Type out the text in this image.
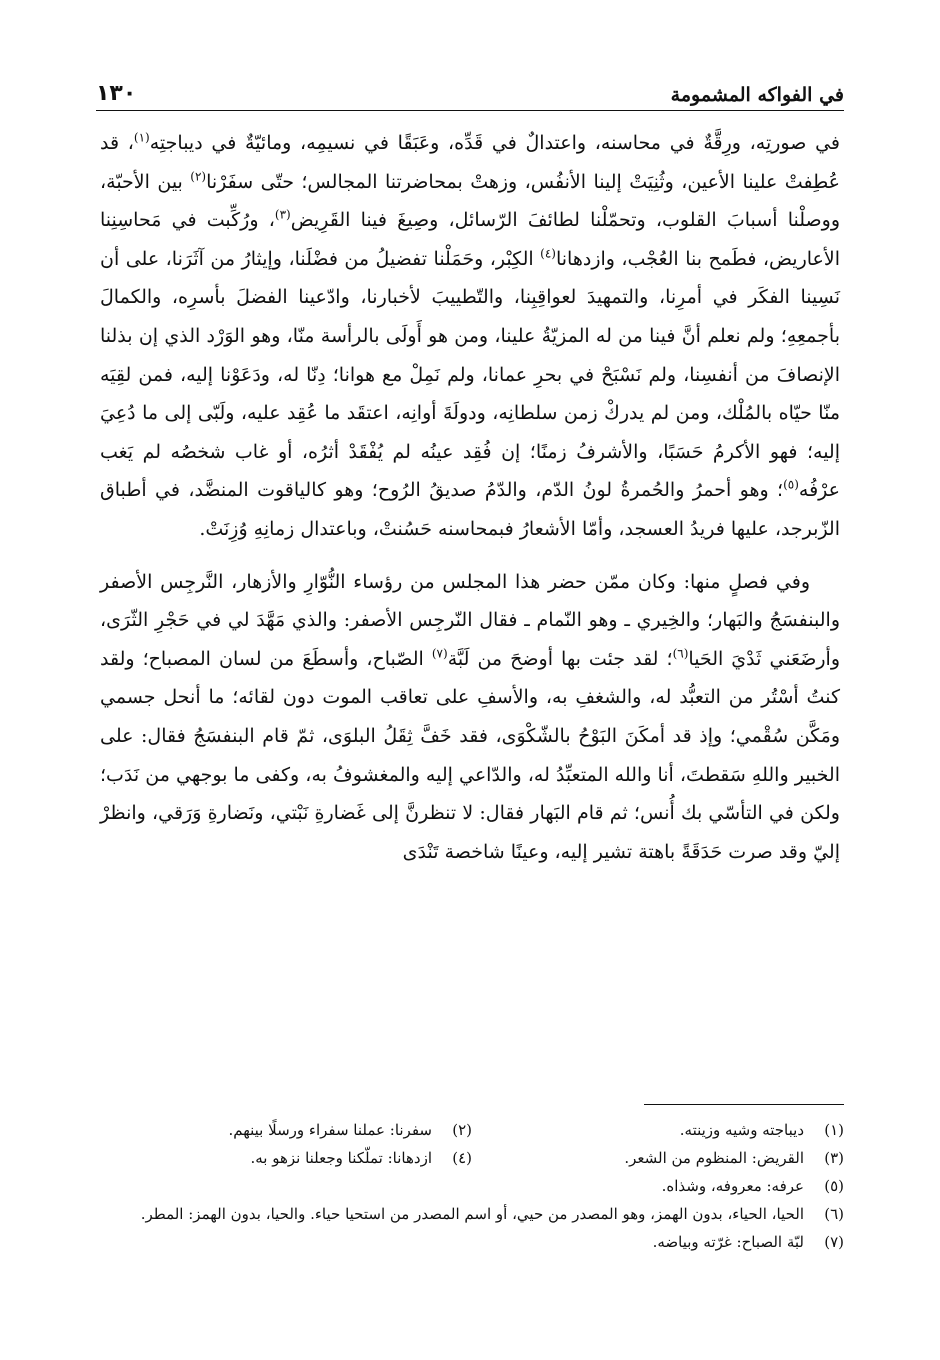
في الفواكه المشمومة
١٣٠

في صورتِه، ورِقَّةٌ في محاسنه، واعتدالٌ في قَدِّه، وعَبَقًا في نسيمِه، ومائيّةٌ في ديباجتِه$^{(١)}$، قد عُطِفتْ علينا الأعين، وثُنِيَتْ إلينا الأنفُس، وزهتْ بمحاضرتنا المجالس؛ حتّى سفَرْنا$^{(٢)}$ بين الأحبّة، ووصلْنا أسبابَ القلوب، وتحمّلْنا لطائفَ الرّسائل، وصِيغَ فينا القَرِيض$^{(٣)}$، ورُكِّبت في مَحاسِنِنا الأعاريض، فطَمح بنا العُجْب، وازدهانا$^{(٤)}$ الكِبْر، وحَمَلْنا تفضيلُ من فضْلَنا، وإيثارُ من آثَرَنا، على أن نَسِينا الفكَر في أمرِنا، والتمهيدَ لعواقِبِنا، والتّطييبَ لأخبارنا، وادّعينا الفضلَ بأسرِه، والكمالَ بأجمعِهِ؛ ولم نعلم أنَّ فينا من له المزيّةُ علينا، ومن هو أَولَى بالرأسة منّا، وهو الوَرْد الذي إن بذلنا الإنصافَ من أنفسِنا، ولم نَسْبَحْ في بحرِ عمانا، ولم نَمِلْ مع هوانا؛ دِنّا له، ودَعَوْنا إليه، فمن لقِيَه منّا حيّاه بالمُلْك، ومن لم يدركْ زمن سلطانِه، ودولَةَ أوانِه، اعتقَد ما عُقِد عليه، ولَبّى إلى ما دُعِيَ إليه؛ فهو الأكرمُ حَسَبًا، والأشرفُ زمنًا؛ إن فُقِد عينُه لم يُفْقَدْ أثرُه، أو غاب شخصُه لم يَغب عرْفُه$^{(٥)}$؛ وهو أحمرُ والحُمرةُ لونُ الدّم، والدّمُ صديقُ الرُوح؛ وهو كالياقوت المنضَّد، في أطباق الزّبرجد، عليها فريدُ العسجد، وأمّا الأشعارُ فبمحاسنه حَسُنتْ، وباعتدال زمانِهِ وُزِنَتْ.

وفي فصلٍ منها: وكان ممّن حضر هذا المجلس من رؤساء النُّوّارِ والأزهار، النَّرجِس الأصفر والبنفسَجُ والبَهار؛ والخِيري ـ وهو النّمام ـ فقال النّرجِس الأصفر: والذي مَهَّدَ لي في حَجْرِ الثّرَى، وأرضَعَني ثَدْيَ الحَيا$^{(٦)}$؛ لقد جئت بها أوضحَ من لَبَّة$^{(٧)}$ الصّباح، وأسطَعَ من لسان المصباح؛ ولقد كنتُ أسْتُر من التعبُّد له، والشغفِ به، والأسفِ على تعاقب الموت دون لقائه؛ ما أنحل جسمي ومَكَّن سُقْمي؛ وإذ قد أمكَنَ البَوْحُ بالشّكْوَى، فقد خَفَّ ثِقَلُ البلوَى، ثمّ قام البنفسَجُ فقال: على الخبير واللهِ سَقطتَ، أنا والله المتعبِّدُ له، والدّاعي إليه والمغشوفُ به، وكفى ما بوجهي من نَدَب؛ ولكن في التأسّي بك أُنس؛ ثم قام البَهار فقال: لا تنظرنَّ إلى غَضارةِ نَبْتي، ونَضارةِ وَرَقي، وانظرْ إليّ وقد صرت حَدَقَةً باهتة تشير إليه، وعينًا شاخصة تَنْدَى

(١)
ديباجته وشيه وزينته.
(٢)
سفرنا: عملنا سفراء ورسلًا بينهم.
(٣)
القريض: المنظوم من الشعر.
(٤)
ازدهانا: تملّكنا وجعلنا نزهو به.
(٥)
عرفه: معروفه، وشذاه.
(٦)
الحيا، الحياء، بدون الهمز، وهو المصدر من حيي، أو اسم المصدر من استحيا حياء. والحيا، بدون الهمز: المطر.
(٧)
لبّة الصباح: غرّته وبياضه.
